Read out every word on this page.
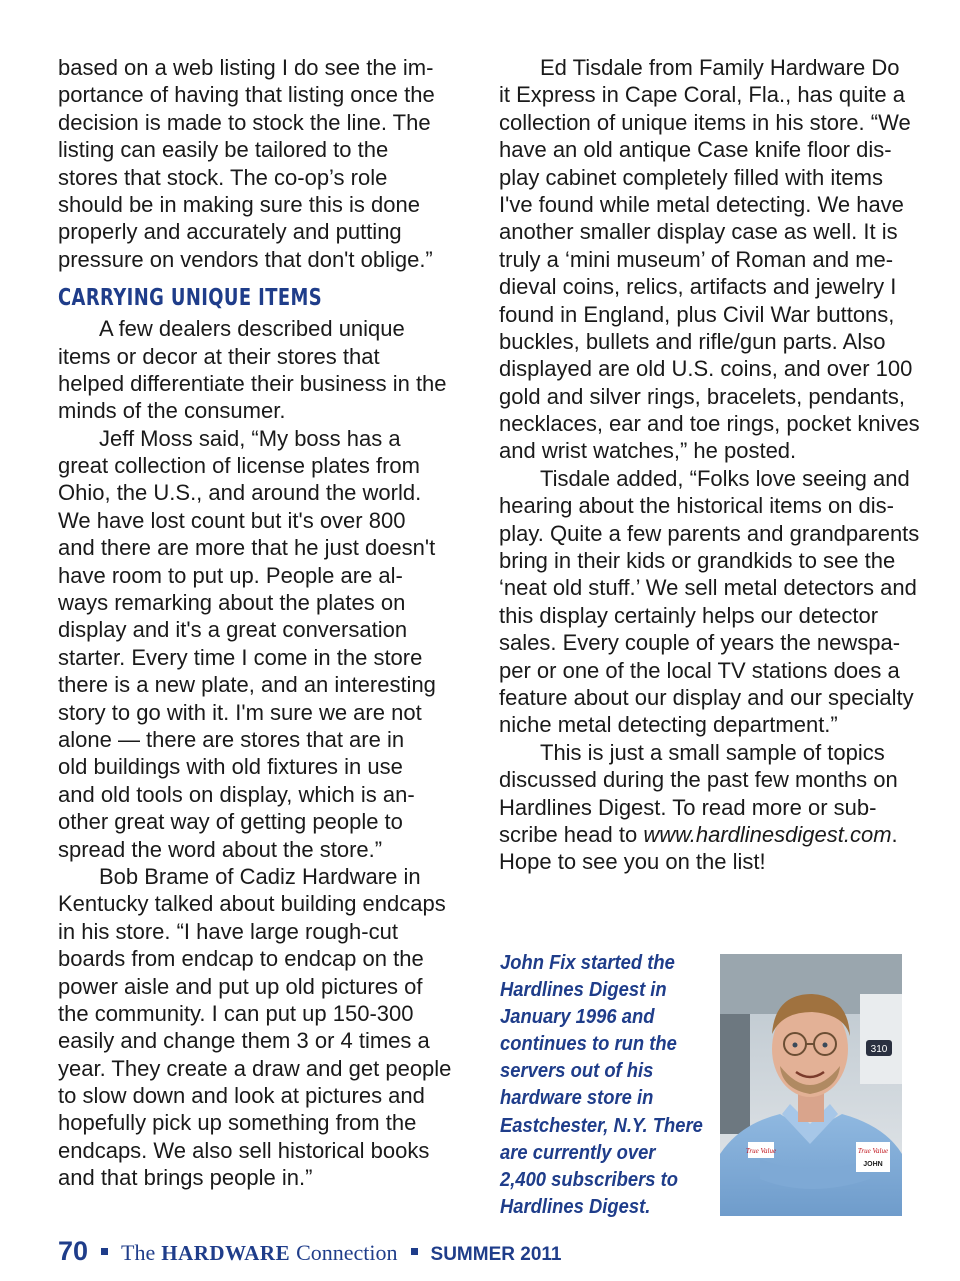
based on a web listing I do see the im-
portance of having that listing once the
decision is made to stock the line. The
listing can easily be tailored to the
stores that stock. The co-op’s role
should be in making sure this is done
properly and accurately and putting
pressure on vendors that don't oblige.”
CARRYING UNIQUE ITEMS
A few dealers described unique
items or decor at their stores that
helped differentiate their business in the
minds of the consumer.
Jeff Moss said, “My boss has a
great collection of license plates from
Ohio, the U.S., and around the world.
We have lost count but it's over 800
and there are more that he just doesn't
have room to put up. People are al-
ways remarking about the plates on
display and it's a great conversation
starter. Every time I come in the store
there is a new plate, and an interesting
story to go with it. I'm sure we are not
alone — there are stores that are in
old buildings with old fixtures in use
and old tools on display, which is an-
other great way of getting people to
spread the word about the store.”
Bob Brame of Cadiz Hardware in
Kentucky talked about building endcaps
in his store. “I have large rough-cut
boards from endcap to endcap on the
power aisle and put up old pictures of
the community. I can put up 150-300
easily and change them 3 or 4 times a
year. They create a draw and get people
to slow down and look at pictures and
hopefully pick up something from the
endcaps. We also sell historical books
and that brings people in.”
Ed Tisdale from Family Hardware Do
it Express in Cape Coral, Fla., has quite a
collection of unique items in his store. “We
have an old antique Case knife floor dis-
play cabinet completely filled with items
I've found while metal detecting. We have
another smaller display case as well. It is
truly a ‘mini museum’ of Roman and me-
dieval coins, relics, artifacts and jewelry I
found in England, plus Civil War buttons,
buckles, bullets and rifle/gun parts. Also
displayed are old U.S. coins, and over 100
gold and silver rings, bracelets, pendants,
necklaces, ear and toe rings, pocket knives
and wrist watches,” he posted.
Tisdale added, “Folks love seeing and
hearing about the historical items on dis-
play. Quite a few parents and grandparents
bring in their kids or grandkids to see the
‘neat old stuff.’ We sell metal detectors and
this display certainly helps our detector
sales. Every couple of years the newspa-
per or one of the local TV stations does a
feature about our display and our specialty
niche metal detecting department.”
This is just a small sample of topics
discussed during the past few months on
Hardlines Digest. To read more or sub-
scribe head to www.hardlinesdigest.com.
Hope to see you on the list!
John Fix started the
Hardlines Digest in
January 1996 and
continues to run the
servers out of his
hardware store in
Eastchester, N.Y. There
are currently over
2,400 subscribers to
Hardlines Digest.
310
True Value	True Value
JOHN
70 The HARDWARE Connection SUMMER 2011
